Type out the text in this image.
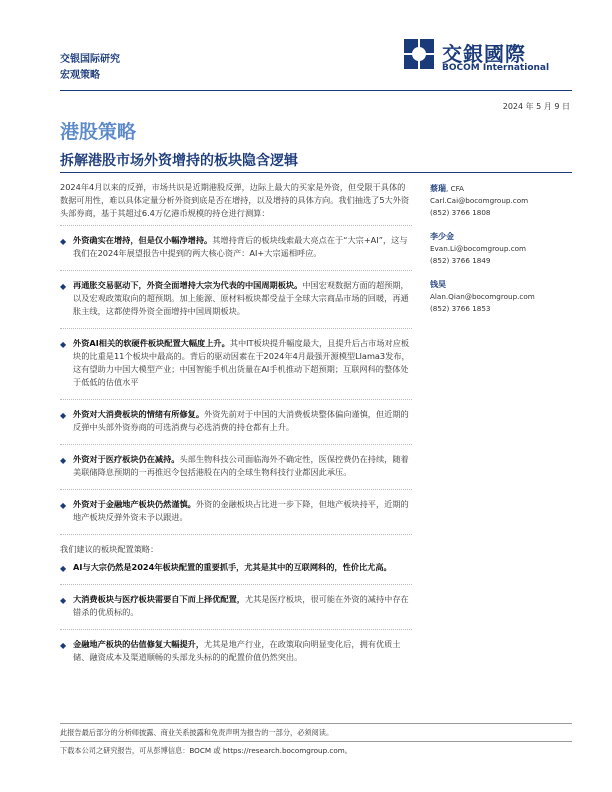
交银国际研究
宏观策略
交銀國際
BOCOM International
2024 年 5 月 9 日
港股策略
拆解港股市场外资增持的板块隐含逻辑

2024年4月以来的反弹，市场共识是近期港股反弹，边际上最大的买家是外资，但受限于具体的数据可用性，难以具体定量分析外资到底是否在增持，以及增持的具体方向。我们抽选了5大外资头部券商，基于其超过6.4万亿港币规模的持仓进行测算：

◆ 外资确实在增持，但是仅小幅净增持。其增持背后的板块线索最大亮点在于“大宗+AI”，这与我们在2024年展望报告中提到的两大核心资产：AI+大宗遥相呼应。
◆ 再通胀交易驱动下，外资全面增持大宗为代表的中国周期板块。中国宏观数据方面的超预期，以及宏观政策取向的超预期。加上能源、原材料板块都受益于全球大宗商品市场的回暖，再通胀主线，这都使得外资全面增持中国周期板块。
◆ 外资AI相关的软硬件板块配置大幅度上升。其中IT板块提升幅度最大，且提升后占市场对应板块的比重是11个板块中最高的。背后的驱动因素在于2024年4月最强开源模型Llama3发布，这有望助力中国大模型产业；中国智能手机出货量在AI手机推动下超预期；互联网科的整体处于低低的估值水平
◆ 外资对大消费板块的情绪有所修复。外资先前对于中国的大消费板块整体偏向谨慎，但近期的反弹中头部外资券商的可选消费与必选消费的持仓都有上升。
◆ 外资对于医疗板块仍在减持。头部生物科技公司面临海外不确定性，医保控费仍在持续，随着美联储降息预期的一再推迟令包括港股在内的全球生物科技行业都因此承压。
◆ 外资对于金融地产板块仍然谨慎。外资的金融板块占比进一步下降，但地产板块持平，近期的地产板块反弹外资未予以跟进。

我们建议的板块配置策略：

◆ AI与大宗仍然是2024年板块配置的重要抓手，尤其是其中的互联网科的，性价比尤高。
◆ 大消费板块与医疗板块需要自下而上择优配置，尤其是医疗板块，很可能在外资的减持中存在错杀的优质标的。
◆ 金融地产板块的估值修复大幅提升，尤其是地产行业，在政策取向明显变化后，拥有优质土储、融资成本及渠道顺畅的头部龙头标的的配置价值仍然突出。
蔡瑞, CFA
Carl.Cai@bocomgroup.com
(852) 3766 1808
李少金
Evan.Li@bocomgroup.com
(852) 3766 1849
钱昊
Alan.Qian@bocomgroup.com
(852) 3766 1853
此报告最后部分的分析师披露、商业关系披露和免责声明为报告的一部分，必须阅读。
下载本公司之研究报告，可从彭博信息：BOCM 或 https://research.bocomgroup.com。
